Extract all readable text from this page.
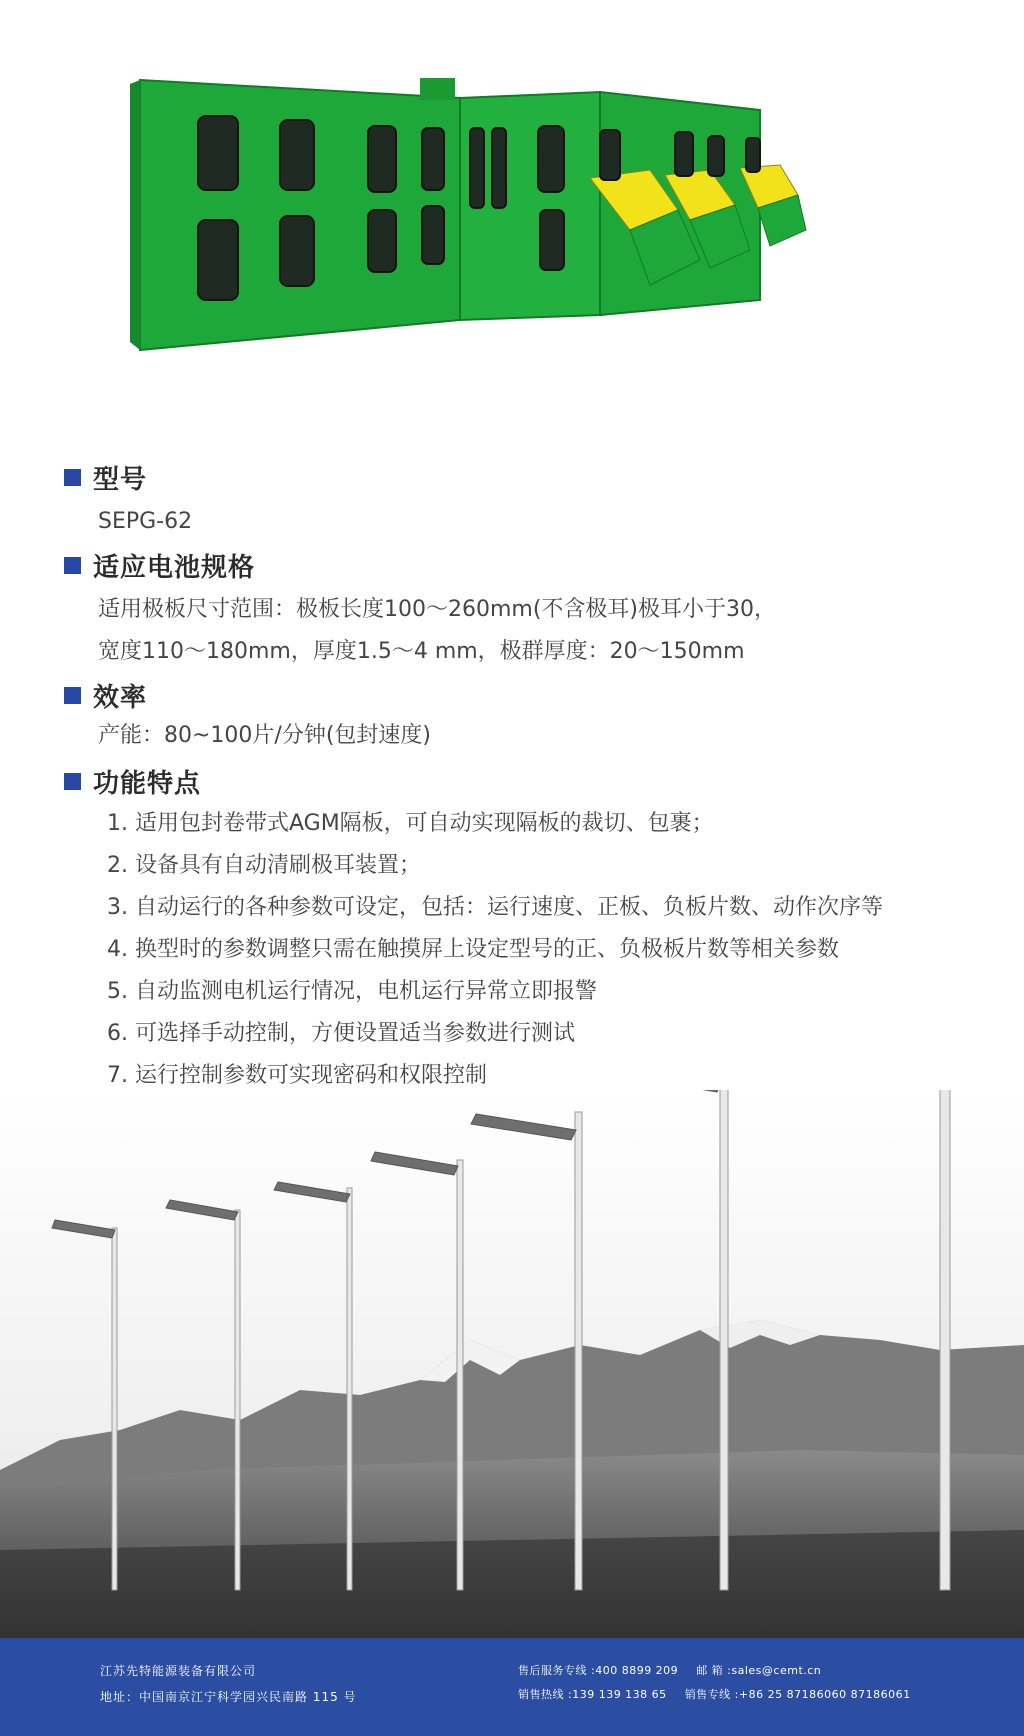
型号
SEPG-62
适应电池规格
适用极板尺寸范围：极板长度100～260mm(不含极耳)极耳小于30，
宽度110～180mm，厚度1.5～4 mm，极群厚度：20～150mm
效率
产能：80~100片/分钟(包封速度)
功能特点
1. 适用包封卷带式AGM隔板，可自动实现隔板的裁切、包裹；
2. 设备具有自动清刷极耳装置；
3. 自动运行的各种参数可设定，包括：运行速度、正板、负板片数、动作次序等
4. 换型时的参数调整只需在触摸屏上设定型号的正、负极板片数等相关参数
5. 自动监测电机运行情况，电机运行异常立即报警
6. 可选择手动控制，方便设置适当参数进行测试
7. 运行控制参数可实现密码和权限控制
江苏先特能源装备有限公司
地址：中国南京江宁科学园兴民南路 115 号
售后服务专线 :400 8899 209 邮 箱 :sales@cemt.cn
销售热线 :139 139 138 65 销售专线 :+86 25 87186060 87186061
